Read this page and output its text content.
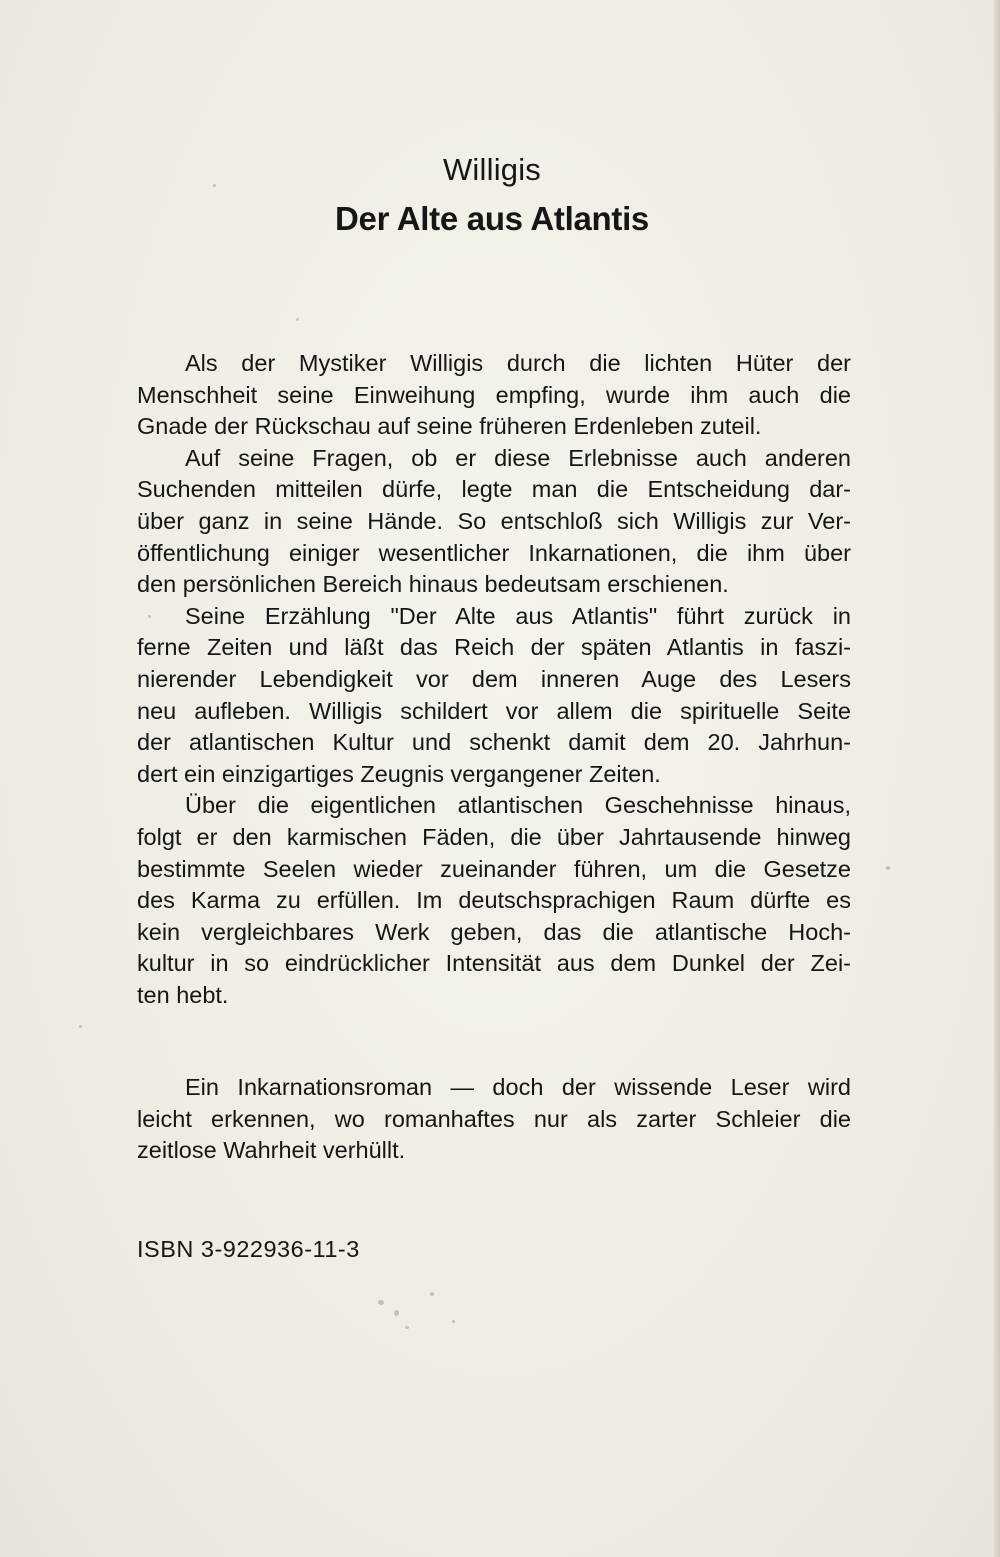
Willigis
Der Alte aus Atlantis

Als der Mystiker Willigis durch die lichten Hüter der
Menschheit seine Einweihung empfing, wurde ihm auch die
Gnade der Rückschau auf seine früheren Erdenleben zuteil.

Auf seine Fragen, ob er diese Erlebnisse auch anderen
Suchenden mitteilen dürfe, legte man die Entscheidung dar-
über ganz in seine Hände. So entschloß sich Willigis zur Ver-
öffentlichung einiger wesentlicher Inkarnationen, die ihm über
den persönlichen Bereich hinaus bedeutsam erschienen.

Seine Erzählung "Der Alte aus Atlantis" führt zurück in
ferne Zeiten und läßt das Reich der späten Atlantis in faszi-
nierender Lebendigkeit vor dem inneren Auge des Lesers
neu aufleben. Willigis schildert vor allem die spirituelle Seite
der atlantischen Kultur und schenkt damit dem 20. Jahrhun-
dert ein einzigartiges Zeugnis vergangener Zeiten.

Über die eigentlichen atlantischen Geschehnisse hinaus,
folgt er den karmischen Fäden, die über Jahrtausende hinweg
bestimmte Seelen wieder zueinander führen, um die Gesetze
des Karma zu erfüllen. Im deutschsprachigen Raum dürfte es
kein vergleichbares Werk geben, das die atlantische Hoch-
kultur in so eindrücklicher Intensität aus dem Dunkel der Zei-
ten hebt.

Ein Inkarnationsroman — doch der wissende Leser wird
leicht erkennen, wo romanhaftes nur als zarter Schleier die
zeitlose Wahrheit verhüllt.
ISBN 3-922936-11-3
